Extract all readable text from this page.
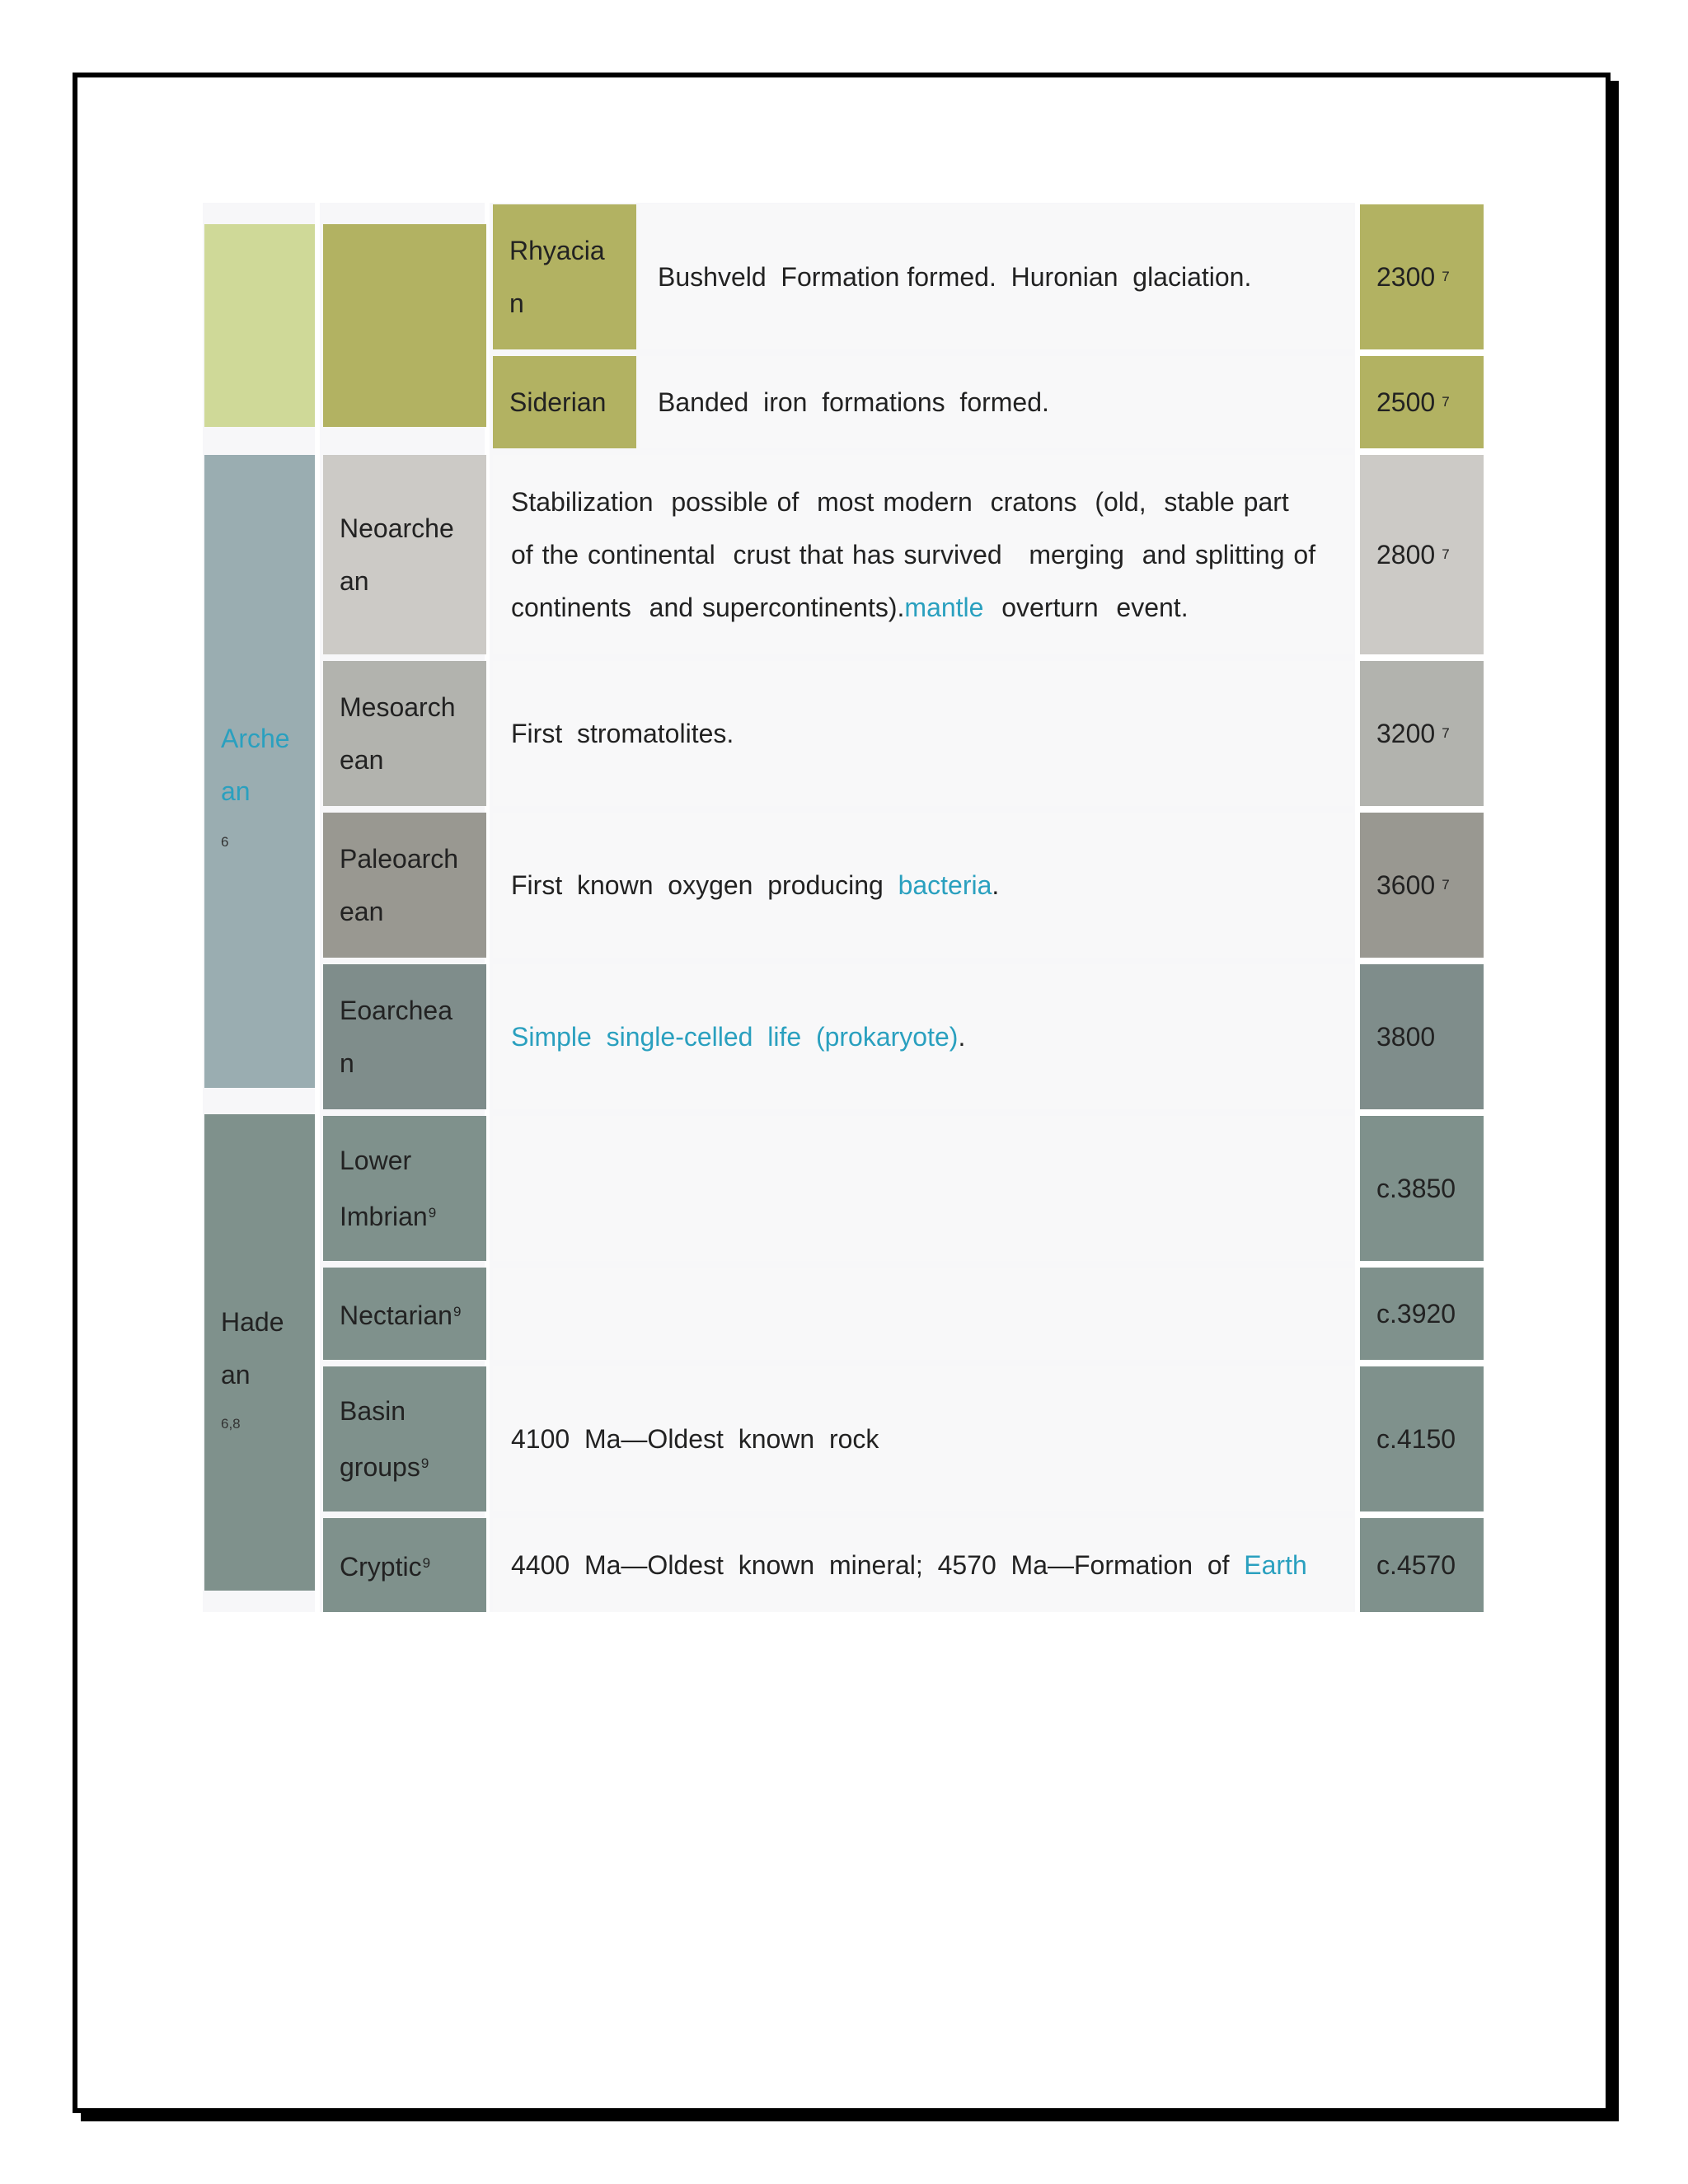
Arche
an
6
Hade
an
6,8
Rhyacia
n
Siderian
Bushveld  Formation formed.  Huronian  glaciation.
Banded  iron  formations  formed.
Neoarche
an
Stabilization  possible of  most modern  cratons  (old,  stable part  of the continental  crust that has survived   merging  and splitting of continents  and supercontinents).mantle  overturn  event.
Mesoarch
ean
First  stromatolites.
Paleoarch
ean
First  known  oxygen  producing  bacteria.
Eoarchea
n
Simple  single-celled  life  (prokaryote).
Lower
Imbrian$^9$
Nectarian$^9$
Basin
groups$^9$
4100  Ma—Oldest  known  rock
Cryptic$^9$	4400  Ma—Oldest  known  mineral;  4570  Ma—Formation  of  Earth
2300 7
2500 7
2800 7
3200 7
3600 7
3800
c.3850
c.3920
c.4150
c.4570
